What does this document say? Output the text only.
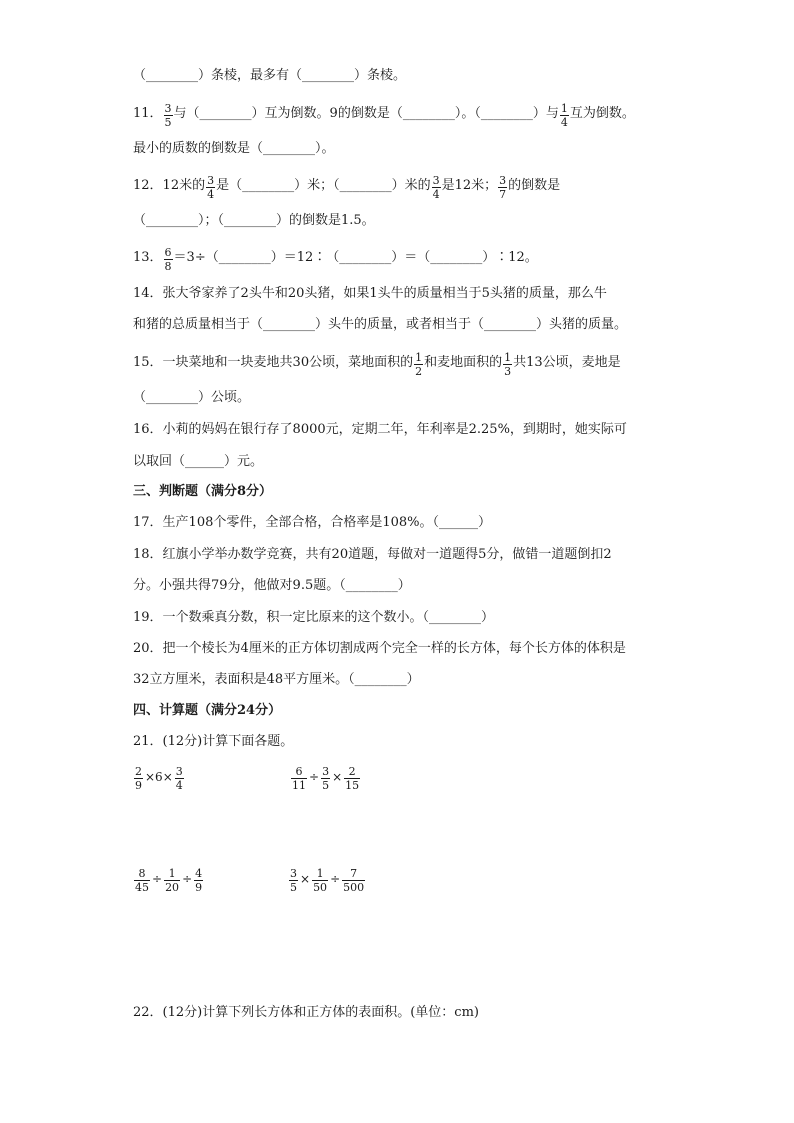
（________）条棱，最多有（________）条棱。
11． $\frac{3}{5}$ 与（________）互为倒数。9的倒数是（________）。（________）与 $\frac{1}{4}$ 互为倒数。
最小的质数的倒数是（________）。
12． 12米的 $\frac{3}{4}$ 是（________）米；（________）米的 $\frac{3}{4}$ 是12米； $\frac{3}{7}$ 的倒数是
（________）；（________）的倒数是1.5。
13． $\frac{6}{8}$ ＝3÷（________）＝12∶（________）＝（________）∶12。
14．张大爷家养了2头牛和20头猪，如果1头牛的质量相当于5头猪的质量，那么牛
和猪的总质量相当于（________）头牛的质量，或者相当于（________）头猪的质量。
15．一块菜地和一块麦地共30公顷，菜地面积的 $\frac{1}{2}$ 和麦地面积的 $\frac{1}{3}$ 共13公顷，麦地是
（________）公顷。
16．小莉的妈妈在银行存了8000元，定期二年，年利率是2.25%，到期时，她实际可
以取回（______）元。
三、判断题（满分8分）
17．生产108个零件，全部合格，合格率是108%。（______）
18．红旗小学举办数学竞赛，共有20道题，每做对一道题得5分，做错一道题倒扣2
分。小强共得79分，他做对9.5题。（________）
19．一个数乘真分数，积一定比原来的这个数小。（________）
20．把一个棱长为4厘米的正方体切割成两个完全一样的长方体，每个长方体的体积是
32立方厘米，表面积是48平方厘米。（________）
四、计算题（满分24分）
21．(12分)计算下面各题。
$\frac{2}{9} \times 6\times \frac{3}{4}$	$\frac{6}{11} \div \frac{3}{5} \times \frac{2}{15}$
$\frac{8}{45} \div \frac{1}{20} \div \frac{4}{9}$	$\frac{3}{5} \times \frac{1}{50} \div \frac{7}{500}$
22．(12分)计算下列长方体和正方体的表面积。(单位：cm)
